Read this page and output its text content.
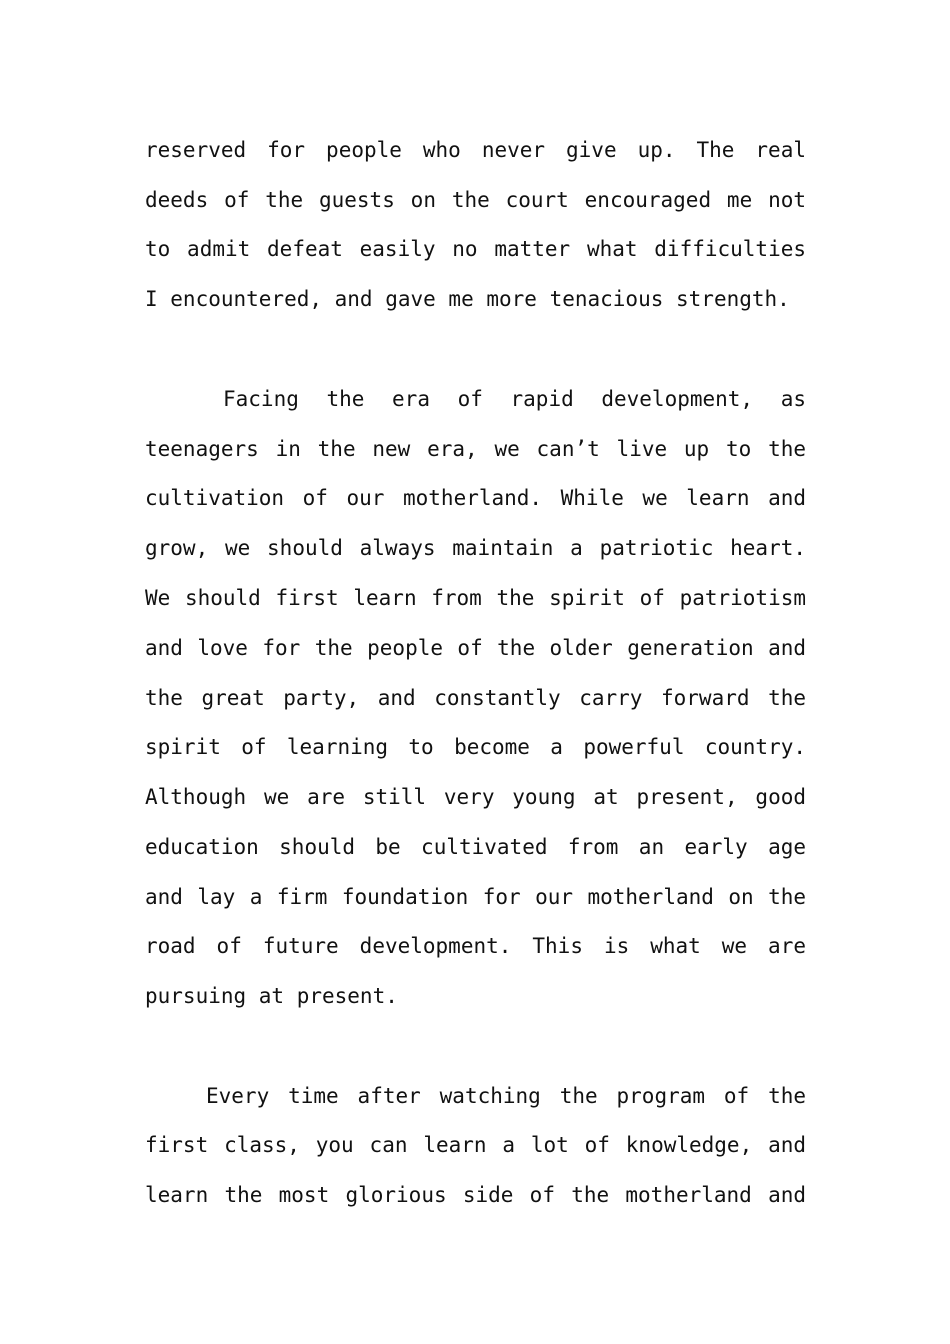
reserved for people who never give up. The real
deeds of the guests on the court encouraged me not
to admit defeat easily no matter what difficulties
I encountered, and gave me more tenacious strength.
Facing the era of rapid development, as
teenagers in the new era, we can’t live up to the
cultivation of our motherland. While we learn and
grow, we should always maintain a patriotic heart.
We should first learn from the spirit of patriotism
and love for the people of the older generation and
the great party, and constantly carry forward the
spirit of learning to become a powerful country.
Although we are still very young at present, good
education should be cultivated from an early age
and lay a firm foundation for our motherland on the
road of future development. This is what we are
pursuing at present.
Every time after watching the program of the
first class, you can learn a lot of knowledge, and
learn the most glorious side of the motherland and
